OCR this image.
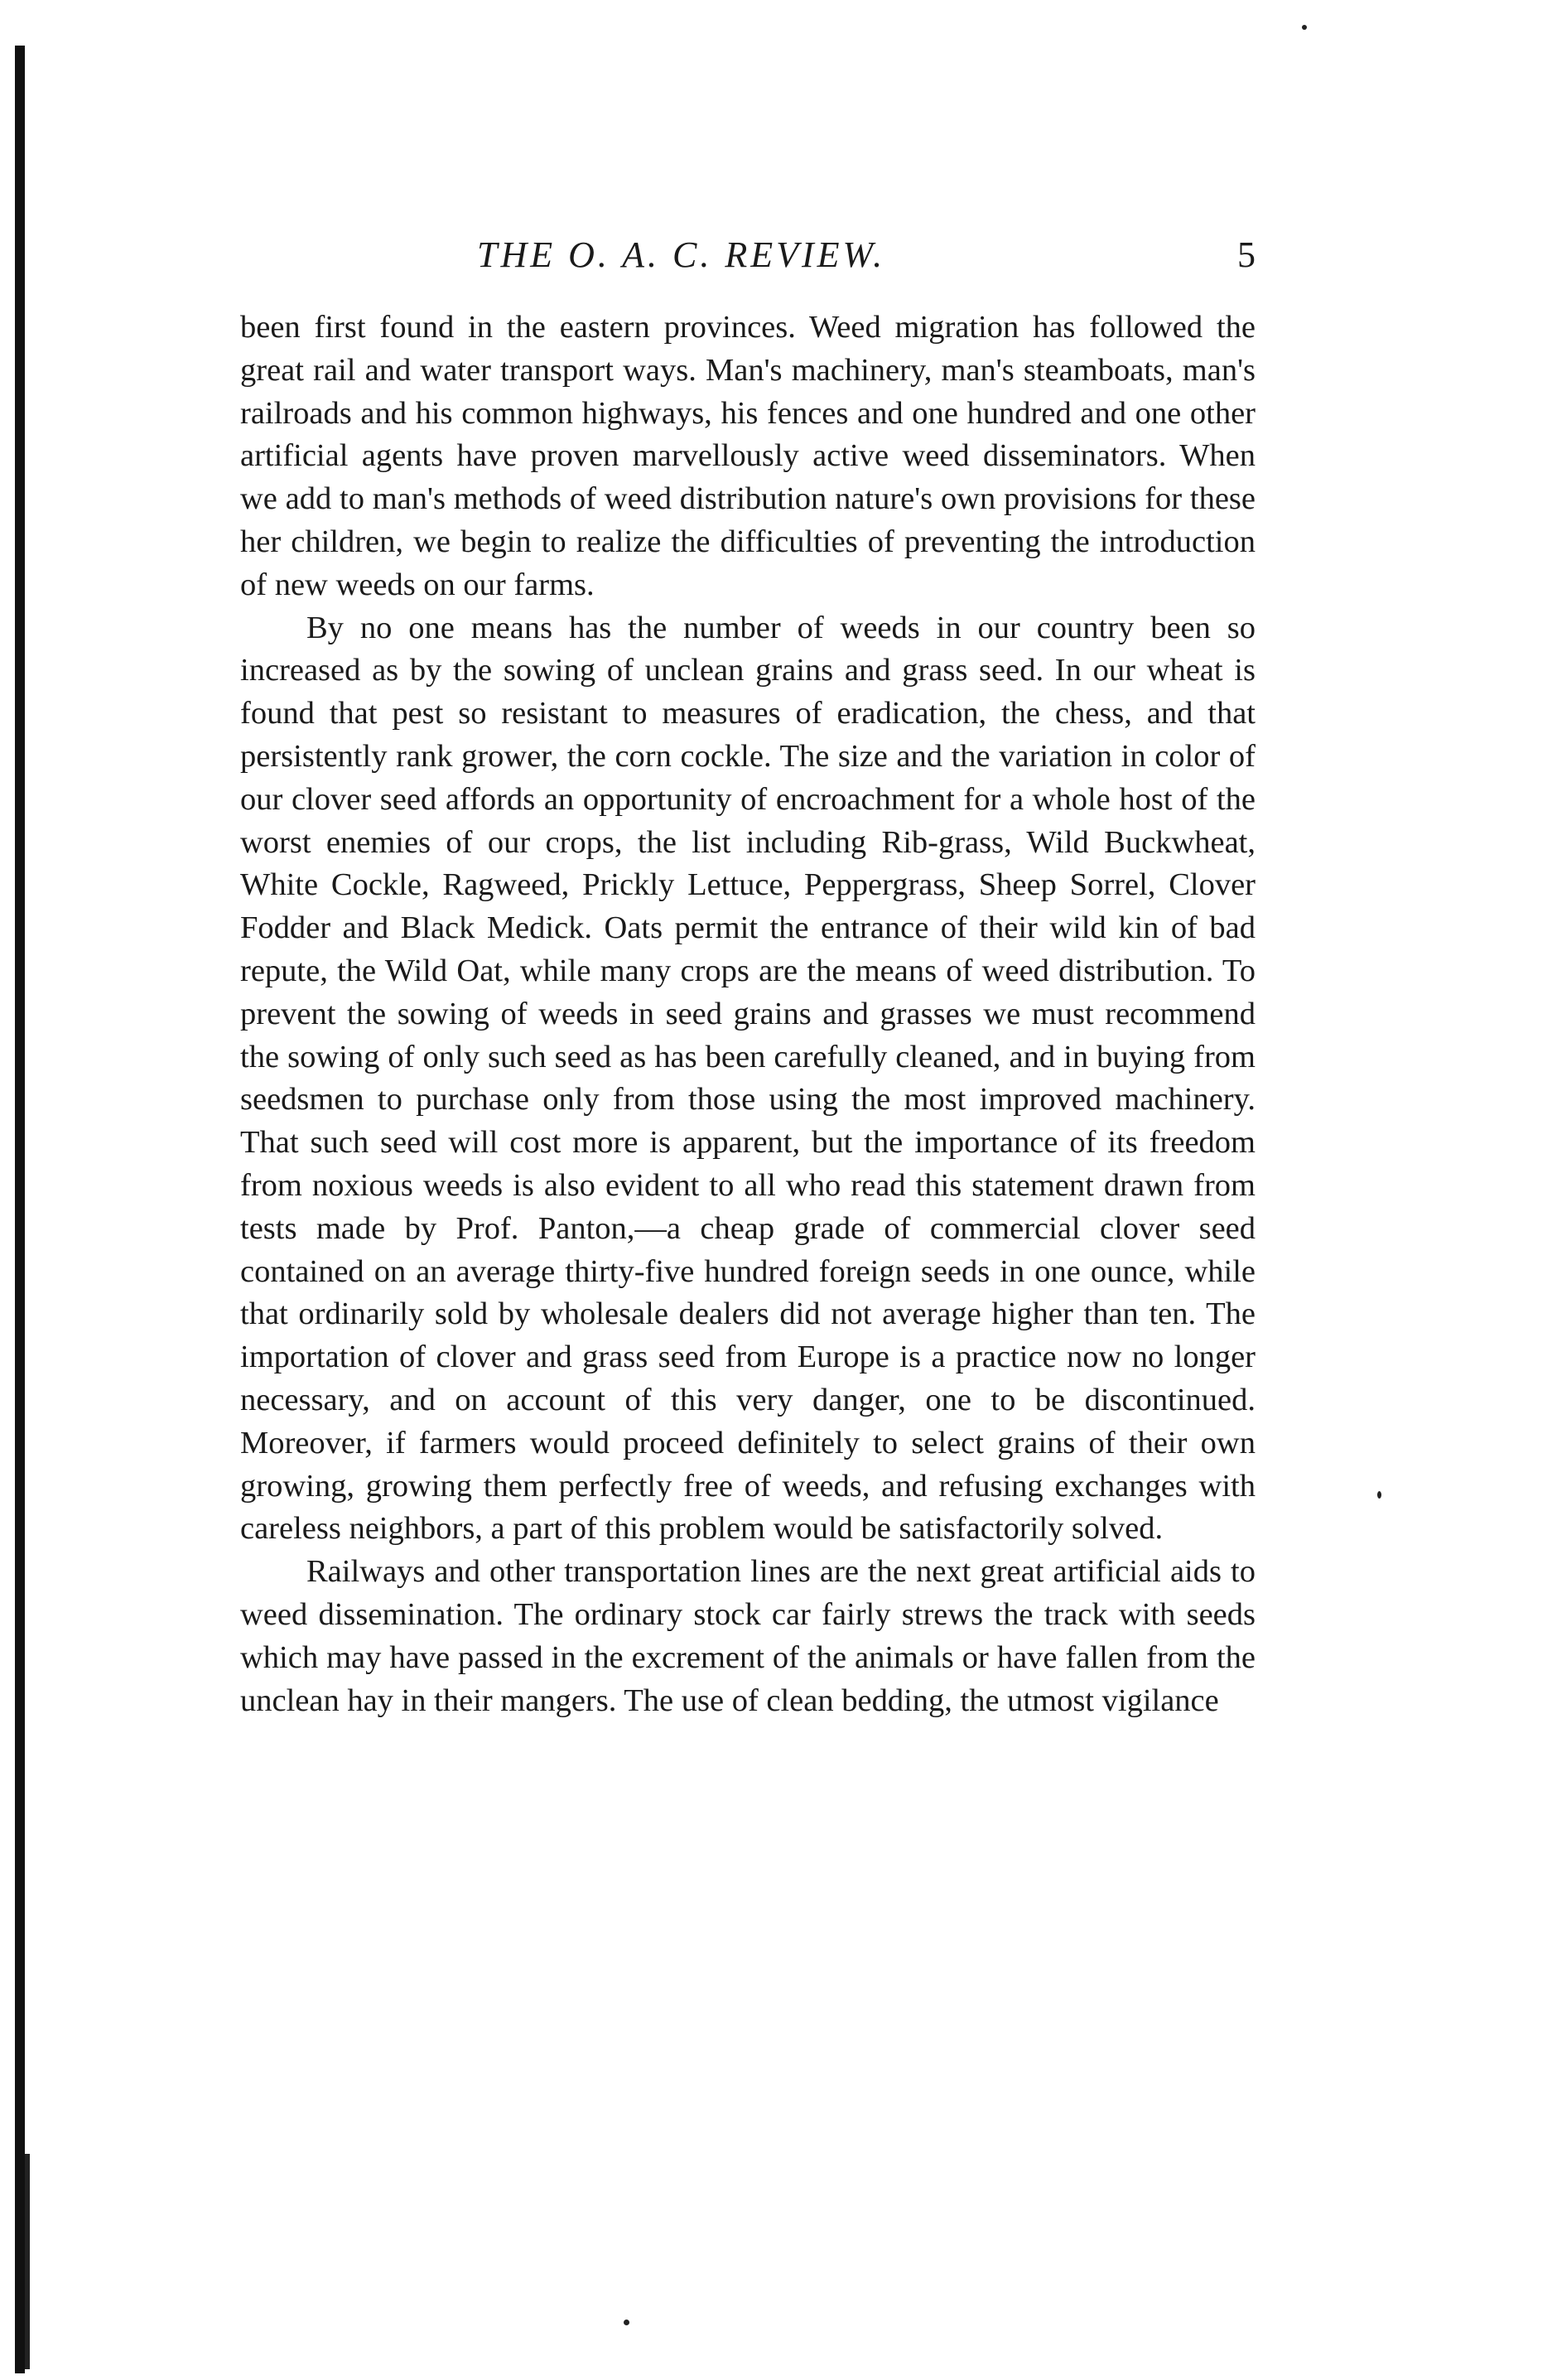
THE O. A. C. REVIEW.	5

been first found in the eastern provinces. Weed migration has followed the great rail and water transport ways. Man's machinery, man's steamboats, man's railroads and his common highways, his fences and one hundred and one other artificial agents have proven marvellously active weed disseminators. When we add to man's methods of weed distribution nature's own provisions for these her children, we begin to realize the difficulties of preventing the introduction of new weeds on our farms.

By no one means has the number of weeds in our country been so increased as by the sowing of unclean grains and grass seed. In our wheat is found that pest so resistant to measures of eradication, the chess, and that persistently rank grower, the corn cockle. The size and the variation in color of our clover seed affords an opportunity of encroachment for a whole host of the worst enemies of our crops, the list including Rib-grass, Wild Buckwheat, White Cockle, Ragweed, Prickly Lettuce, Peppergrass, Sheep Sorrel, Clover Fodder and Black Medick. Oats permit the entrance of their wild kin of bad repute, the Wild Oat, while many crops are the means of weed distribution. To prevent the sowing of weeds in seed grains and grasses we must recommend the sowing of only such seed as has been carefully cleaned, and in buying from seedsmen to purchase only from those using the most improved machinery. That such seed will cost more is apparent, but the importance of its freedom from noxious weeds is also evident to all who read this statement drawn from tests made by Prof. Panton,—a cheap grade of commercial clover seed contained on an average thirty-five hundred foreign seeds in one ounce, while that ordinarily sold by wholesale dealers did not average higher than ten. The importation of clover and grass seed from Europe is a practice now no longer necessary, and on account of this very danger, one to be discontinued. Moreover, if farmers would proceed definitely to select grains of their own growing, growing them perfectly free of weeds, and refusing exchanges with careless neighbors, a part of this problem would be satisfactorily solved.

Railways and other transportation lines are the next great artificial aids to weed dissemination. The ordinary stock car fairly strews the track with seeds which may have passed in the excrement of the animals or have fallen from the unclean hay in their mangers. The use of clean bedding, the utmost vigilance
